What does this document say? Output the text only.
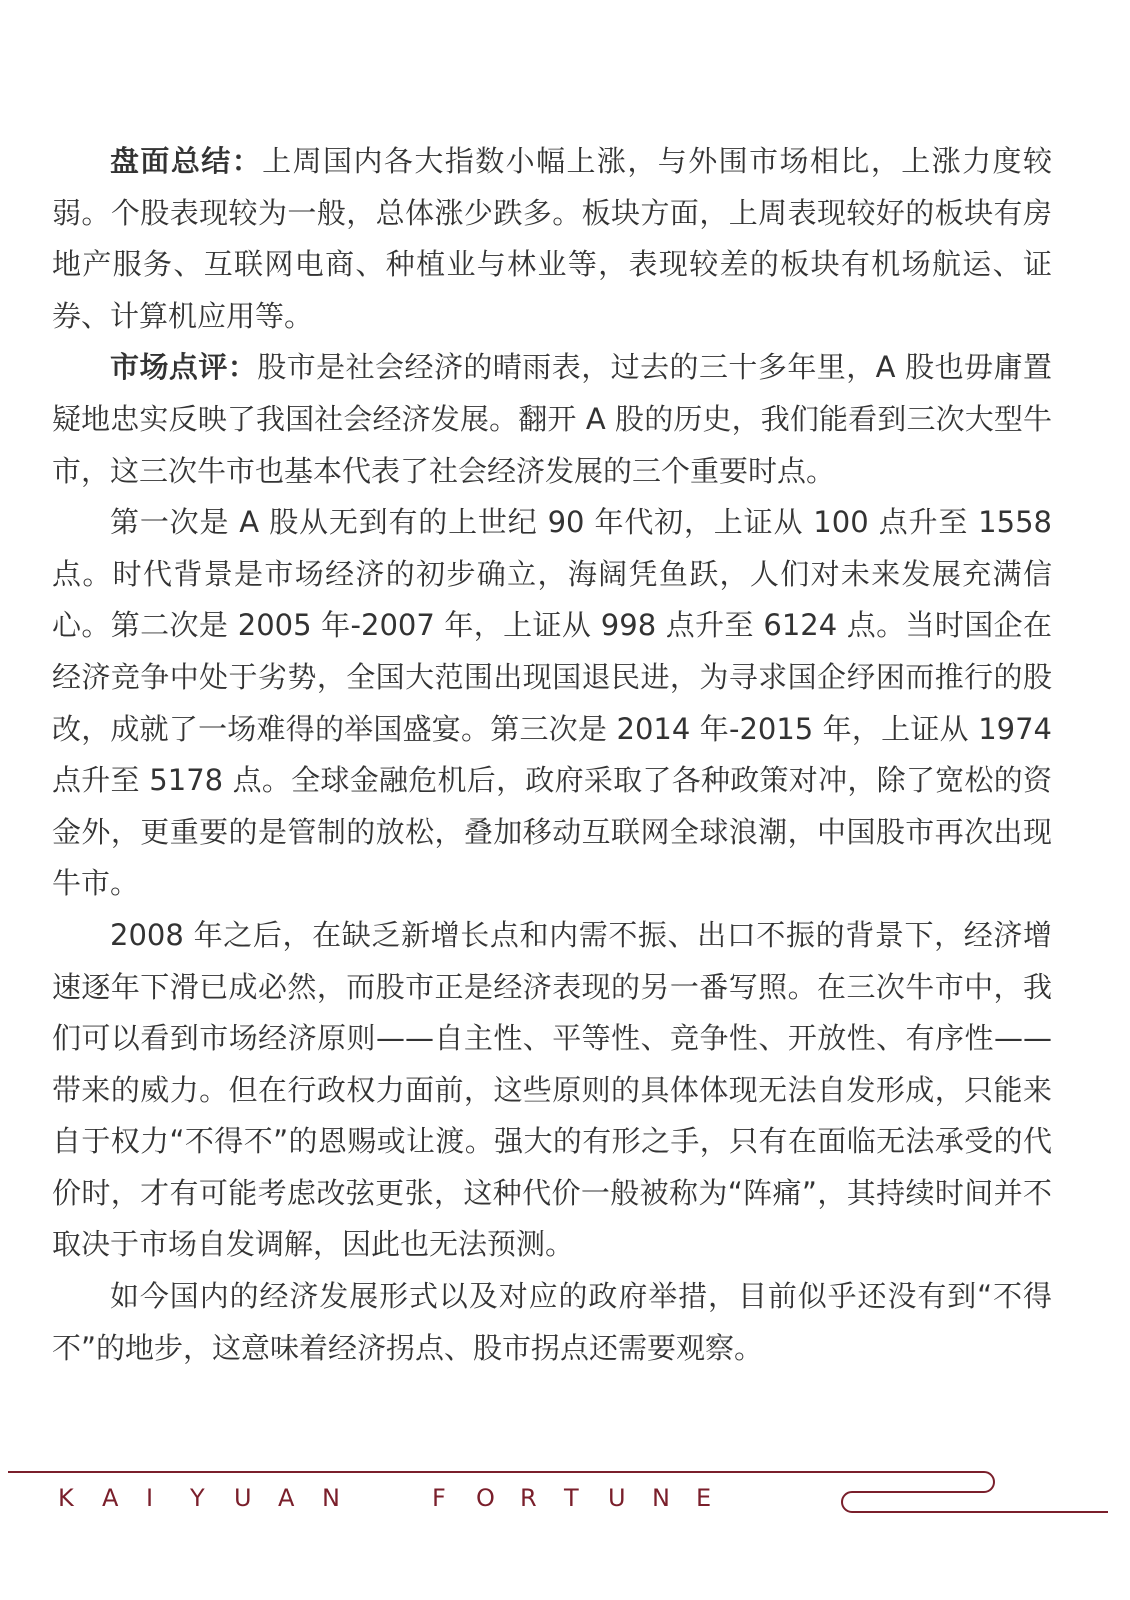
盘面总结：上周国内各大指数小幅上涨，与外围市场相比，上涨力度较弱。个股表现较为一般，总体涨少跌多。板块方面，上周表现较好的板块有房地产服务、互联网电商、种植业与林业等，表现较差的板块有机场航运、证券、计算机应用等。

市场点评：股市是社会经济的晴雨表，过去的三十多年里，A 股也毋庸置疑地忠实反映了我国社会经济发展。翻开 A 股的历史，我们能看到三次大型牛市，这三次牛市也基本代表了社会经济发展的三个重要时点。

第一次是 A 股从无到有的上世纪 90 年代初，上证从 100 点升至 1558 点。时代背景是市场经济的初步确立，海阔凭鱼跃，人们对未来发展充满信心。第二次是 2005 年-2007 年，上证从 998 点升至 6124 点。当时国企在经济竞争中处于劣势，全国大范围出现国退民进，为寻求国企纾困而推行的股改，成就了一场难得的举国盛宴。第三次是 2014 年-2015 年，上证从 1974 点升至 5178 点。全球金融危机后，政府采取了各种政策对冲，除了宽松的资金外，更重要的是管制的放松，叠加移动互联网全球浪潮，中国股市再次出现牛市。

2008 年之后，在缺乏新增长点和内需不振、出口不振的背景下，经济增速逐年下滑已成必然，而股市正是经济表现的另一番写照。在三次牛市中，我们可以看到市场经济原则——自主性、平等性、竞争性、开放性、有序性——带来的威力。但在行政权力面前，这些原则的具体体现无法自发形成，只能来自于权力“不得不”的恩赐或让渡。强大的有形之手，只有在面临无法承受的代价时，才有可能考虑改弦更张，这种代价一般被称为“阵痛”，其持续时间并不取决于市场自发调解，因此也无法预测。

如今国内的经济发展形式以及对应的政府举措，目前似乎还没有到“不得不”的地步，这意味着经济拐点、股市拐点还需要观察。

K A I Y U A N	F O R T U N E
